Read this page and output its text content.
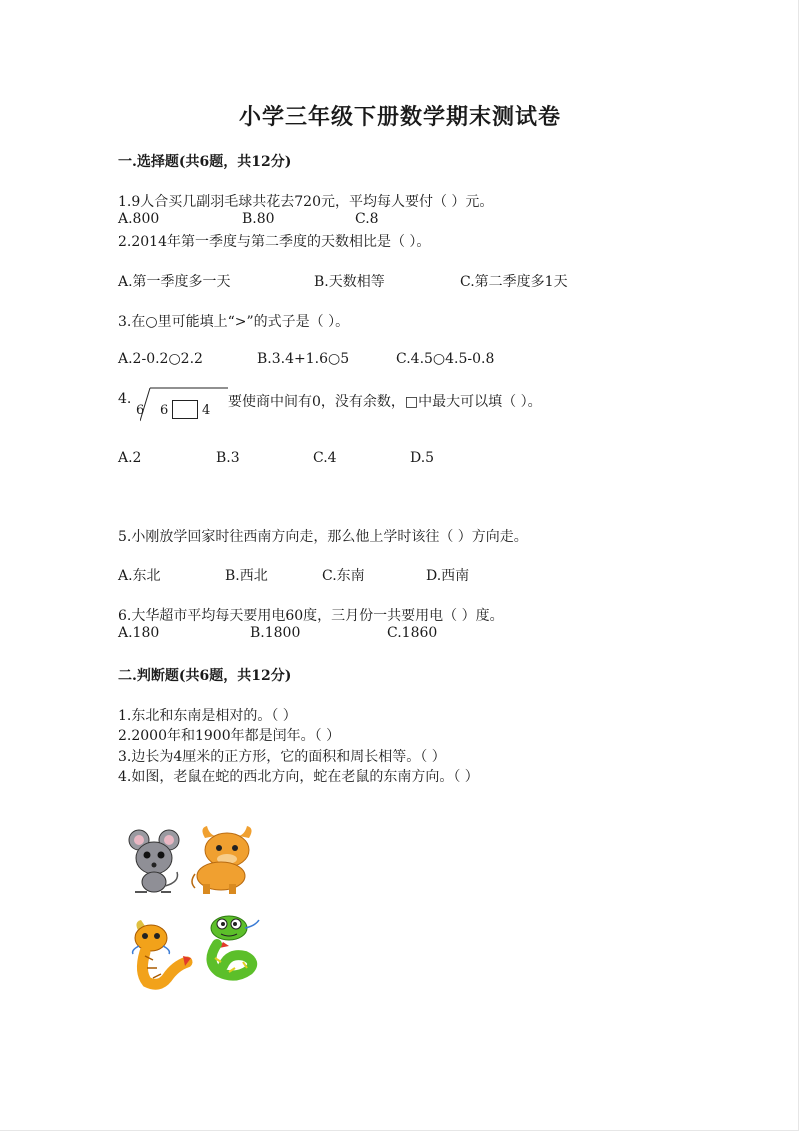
小学三年级下册数学期末测试卷
一.选择题(共6题，共12分)
1.9人合买几副羽毛球共花去720元，平均每人要付（ ）元。
A.800	B.80	C.8
2.2014年第一季度与第二季度的天数相比是（ ）。
A.第一季度多一天	B.天数相等	C.第二季度多1天
3.在○里可能填上“>”的式子是（ ）。
A.2-0.2○2.2	B.3.4+1.6○5	C.4.5○4.5-0.8
4.
6 6	4
要使商中间有0，没有余数，□中最大可以填（ ）。
A.2	B.3	C.4	D.5
5.小刚放学回家时往西南方向走，那么他上学时该往（ ）方向走。
A.东北	B.西北	C.东南	D.西南
6.大华超市平均每天要用电60度，三月份一共要用电（ ）度。
A.180	B.1800	C.1860
二.判断题(共6题，共12分)
1.东北和东南是相对的。（ ）
2.2000年和1900年都是闰年。（ ）
3.边长为4厘米的正方形，它的面积和周长相等。（ ）
4.如图，老鼠在蛇的西北方向，蛇在老鼠的东南方向。（ ）
